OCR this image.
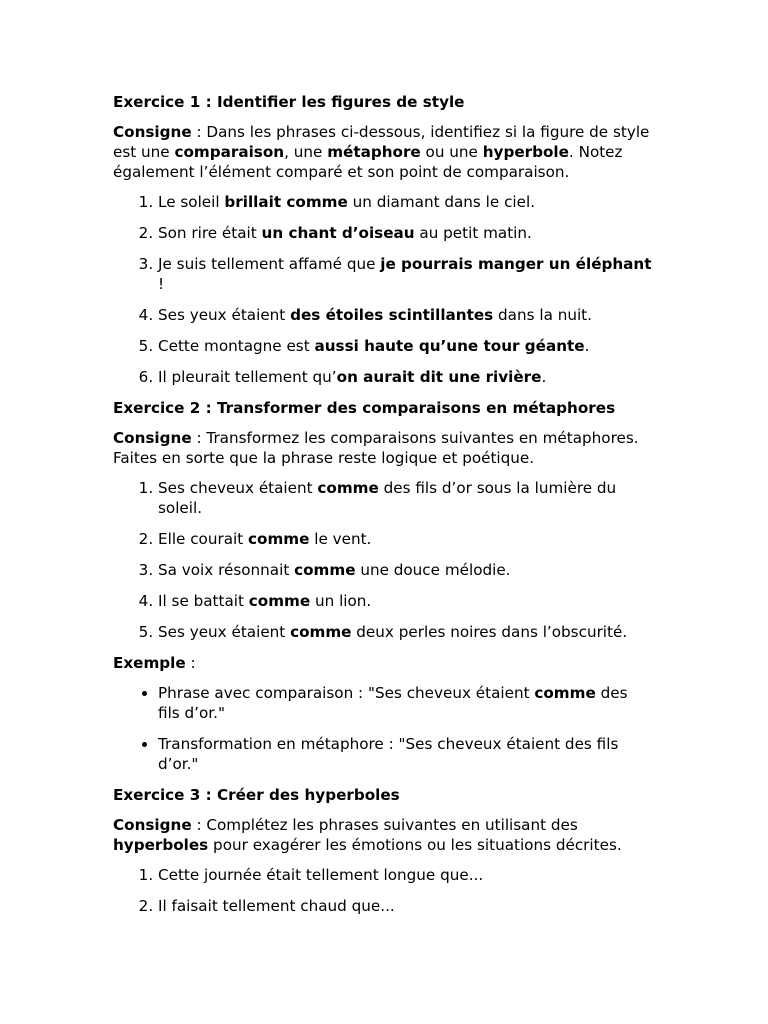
Exercice 1 : Identifier les figures de style

Consigne : Dans les phrases ci-dessous, identifiez si la figure de style est une comparaison, une métaphore ou une hyperbole. Notez également l’élément comparé et son point de comparaison.

1. Le soleil brillait comme un diamant dans le ciel.
2. Son rire était un chant d’oiseau au petit matin.
3. Je suis tellement affamé que je pourrais manger un éléphant !
4. Ses yeux étaient des étoiles scintillantes dans la nuit.
5. Cette montagne est aussi haute qu’une tour géante.
6. Il pleurait tellement qu’on aurait dit une rivière.

Exercice 2 : Transformer des comparaisons en métaphores

Consigne : Transformez les comparaisons suivantes en métaphores. Faites en sorte que la phrase reste logique et poétique.

1. Ses cheveux étaient comme des fils d’or sous la lumière du soleil.
2. Elle courait comme le vent.
3. Sa voix résonnait comme une douce mélodie.
4. Il se battait comme un lion.
5. Ses yeux étaient comme deux perles noires dans l’obscurité.

Exemple :

• Phrase avec comparaison : "Ses cheveux étaient comme des fils d’or."
• Transformation en métaphore : "Ses cheveux étaient des fils d’or."

Exercice 3 : Créer des hyperboles

Consigne : Complétez les phrases suivantes en utilisant des hyperboles pour exagérer les émotions ou les situations décrites.

1. Cette journée était tellement longue que...
2. Il faisait tellement chaud que...
